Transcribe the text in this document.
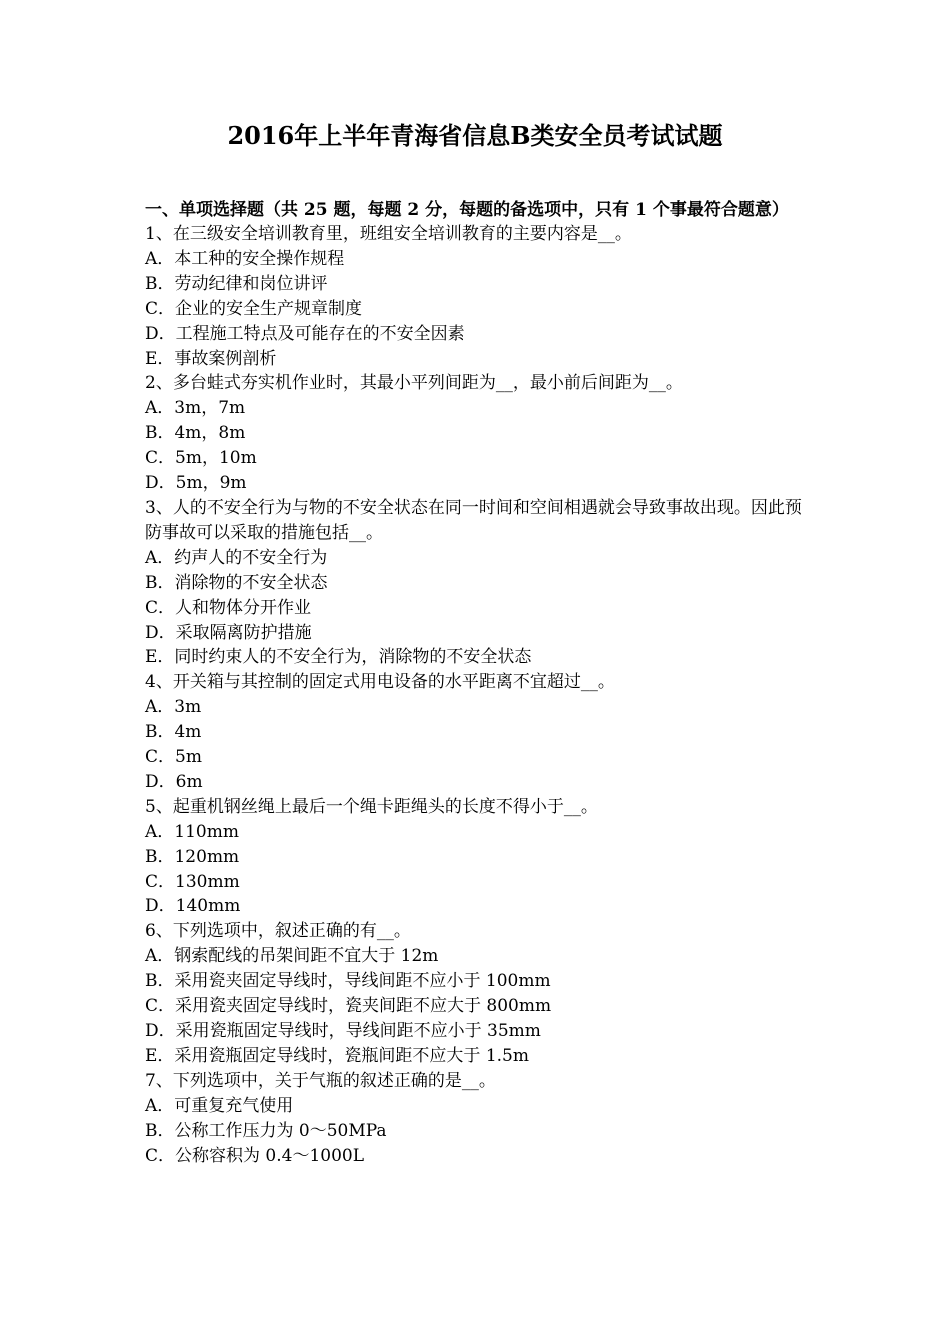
2016年上半年青海省信息B类安全员考试试题

一、单项选择题（共 25 题，每题 2 分，每题的备选项中，只有 1 个事最符合题意）

1、在三级安全培训教育里，班组安全培训教育的主要内容是__。

A．本工种的安全操作规程

B．劳动纪律和岗位讲评

C．企业的安全生产规章制度

D．工程施工特点及可能存在的不安全因素

E．事故案例剖析

2、多台蛙式夯实机作业时，其最小平列间距为__，最小前后间距为__。

A．3m，7m

B．4m，8m

C．5m，10m

D．5m，9m

3、人的不安全行为与物的不安全状态在同一时间和空间相遇就会导致事故出现。因此预防事故可以采取的措施包括__。

A．约声人的不安全行为

B．消除物的不安全状态

C．人和物体分开作业

D．采取隔离防护措施

E．同时约束人的不安全行为，消除物的不安全状态

4、开关箱与其控制的固定式用电设备的水平距离不宜超过__。

A．3m

B．4m

C．5m

D．6m

5、起重机钢丝绳上最后一个绳卡距绳头的长度不得小于__。

A．110mm

B．120mm

C．130mm

D．140mm

6、下列选项中，叙述正确的有__。

A．钢索配线的吊架间距不宜大于 12m

B．采用瓷夹固定导线时，导线间距不应小于 100mm

C．采用瓷夹固定导线时，瓷夹间距不应大于 800mm

D．采用瓷瓶固定导线时，导线间距不应小于 35mm

E．采用瓷瓶固定导线时，瓷瓶间距不应大于 1.5m

7、下列选项中，关于气瓶的叙述正确的是__。

A．可重复充气使用

B．公称工作压力为 0～50MPa

C．公称容积为 0.4～1000L
